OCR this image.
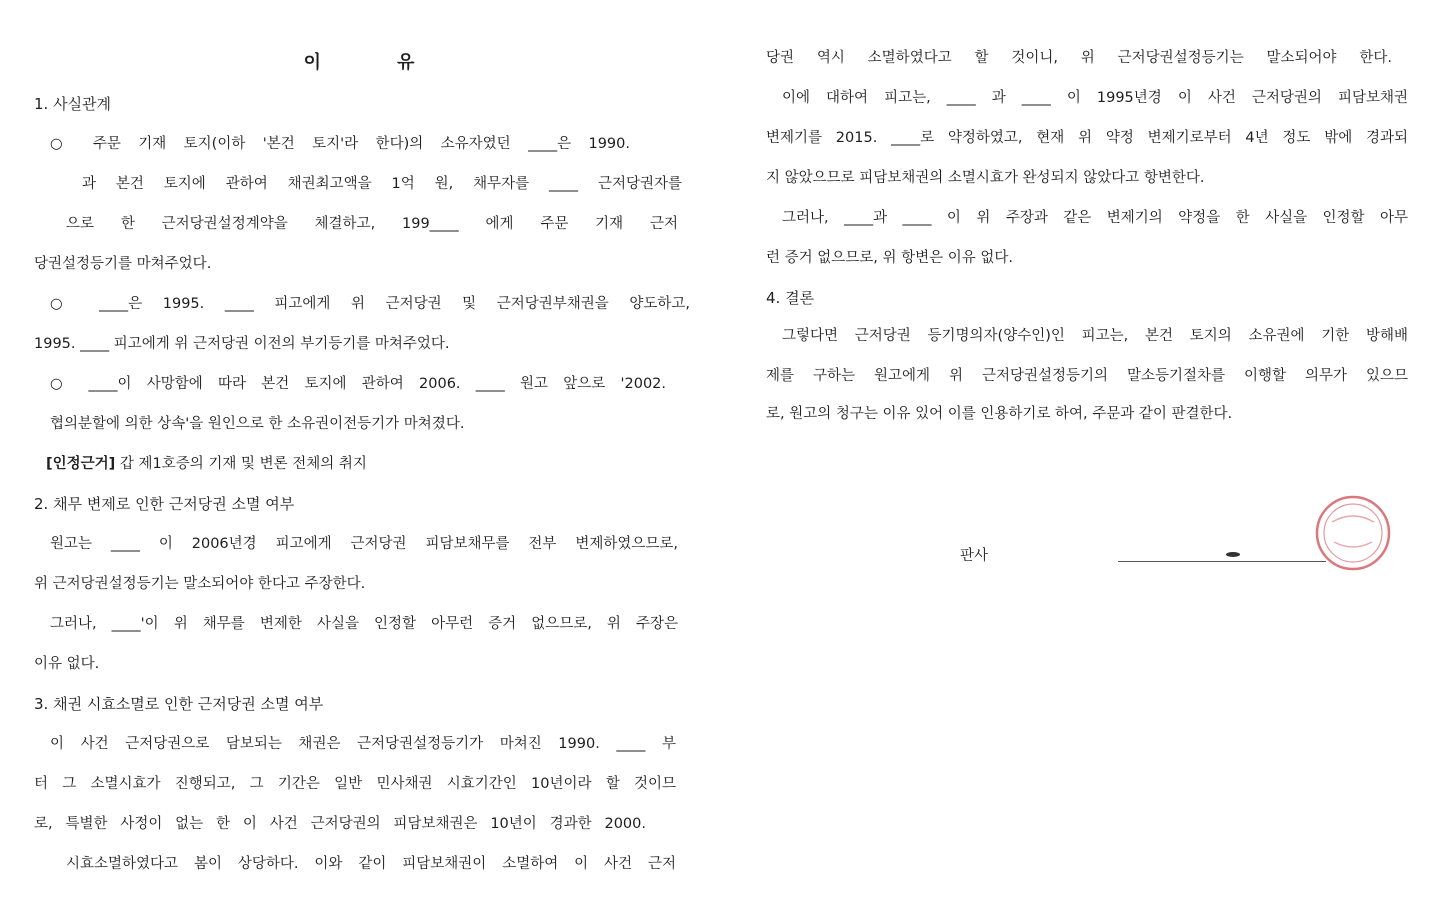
이	유
1. 사실관계
○ 주문 기재 토지(이하 '본건 토지'라 한다)의 소유자였던 ____은 1990.
과 본건 토지에 관하여 채권최고액을 1억 원, 채무자를 ____ 근저당권자를
으로 한 근저당권설정계약을 체결하고, 199____ 에게 주문 기재 근저
당권설정등기를 마쳐주었다.
○ ____은 1995. ____ 피고에게 위 근저당권 및 근저당권부채권을 양도하고,
1995. ____ 피고에게 위 근저당권 이전의 부기등기를 마쳐주었다.
○ ____이 사망함에 따라 본건 토지에 관하여 2006. ____ 원고 앞으로 '2002.
협의분할에 의한 상속'을 원인으로 한 소유권이전등기가 마쳐졌다.
[인정근거] 갑 제1호증의 기재 및 변론 전체의 취지
2. 채무 변제로 인한 근저당권 소멸 여부
원고는 ____ 이 2006년경 피고에게 근저당권 피담보채무를 전부 변제하였으므로,
위 근저당권설정등기는 말소되어야 한다고 주장한다.
그러나, ____'이 위 채무를 변제한 사실을 인정할 아무런 증거 없으므로, 위 주장은
이유 없다.
3. 채권 시효소멸로 인한 근저당권 소멸 여부
이 사건 근저당권으로 담보되는 채권은 근저당권설정등기가 마쳐진 1990. ____ 부
터 그 소멸시효가 진행되고, 그 기간은 일반 민사채권 시효기간인 10년이라 할 것이므
로, 특별한 사정이 없는 한 이 사건 근저당권의 피담보채권은 10년이 경과한 2000.
시효소멸하였다고 봄이 상당하다. 이와 같이 피담보채권이 소멸하여 이 사건 근저
당권 역시 소멸하였다고 할 것이니, 위 근저당권설정등기는 말소되어야 한다.
이에 대하여 피고는, ____ 과 ____ 이 1995년경 이 사건 근저당권의 피담보채권
변제기를 2015. ____로 약정하였고, 현재 위 약정 변제기로부터 4년 정도 밖에 경과되
지 않았으므로 피담보채권의 소멸시효가 완성되지 않았다고 항변한다.
그러나, ____과 ____ 이 위 주장과 같은 변제기의 약정을 한 사실을 인정할 아무
런 증거 없으므로, 위 항변은 이유 없다.
4. 결론
그렇다면 근저당권 등기명의자(양수인)인 피고는, 본건 토지의 소유권에 기한 방해배
제를 구하는 원고에게 위 근저당권설정등기의 말소등기절차를 이행할 의무가 있으므
로, 원고의 청구는 이유 있어 이를 인용하기로 하여, 주문과 같이 판결한다.
판사
